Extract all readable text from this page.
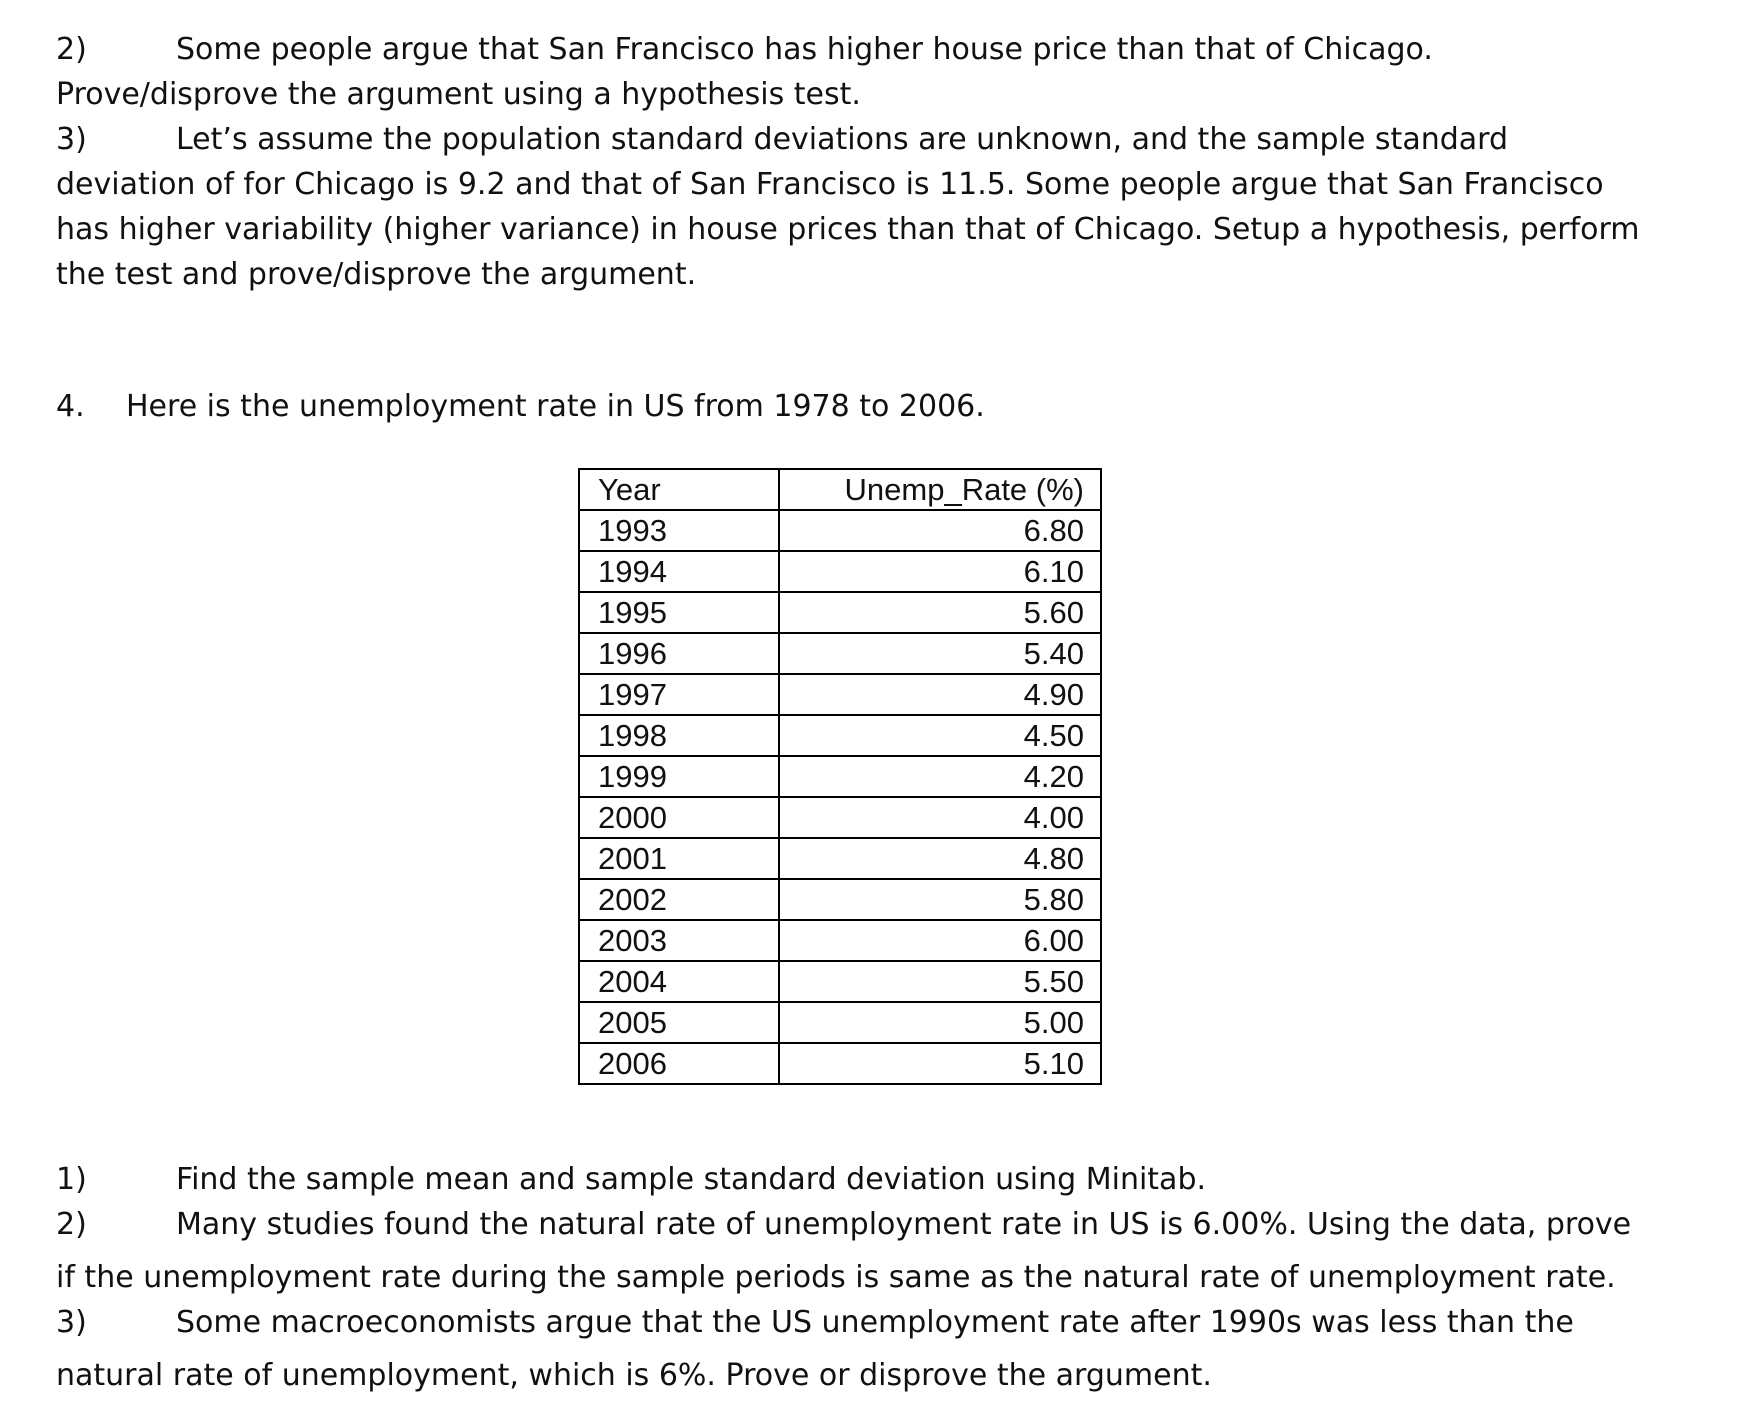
2)	Some people argue that San Francisco has higher house price than that of Chicago.
Prove/disprove the argument using a hypothesis test.
3)	Let’s assume the population standard deviations are unknown, and the sample standard
deviation of for Chicago is 9.2 and that of San Francisco is 11.5. Some people argue that San Francisco
has higher variability (higher variance) in house prices than that of Chicago. Setup a hypothesis, perform
the test and prove/disprove the argument.
4. Here is the unemployment rate in US from 1978 to 2006.
1)	Find the sample mean and sample standard deviation using Minitab.
2)	Many studies found the natural rate of unemployment rate in US is 6.00%. Using the data, prove
if the unemployment rate during the sample periods is same as the natural rate of unemployment rate.
3)	Some macroeconomists argue that the US unemployment rate after 1990s was less than the
natural rate of unemployment, which is 6%. Prove or disprove the argument.
Year	Unemp_Rate (%)
1993	6.80
1994	6.10
1995	5.60
1996	5.40
1997	4.90
1998	4.50
1999	4.20
2000	4.00
2001	4.80
2002	5.80
2003	6.00
2004	5.50
2005	5.00
2006	5.10
